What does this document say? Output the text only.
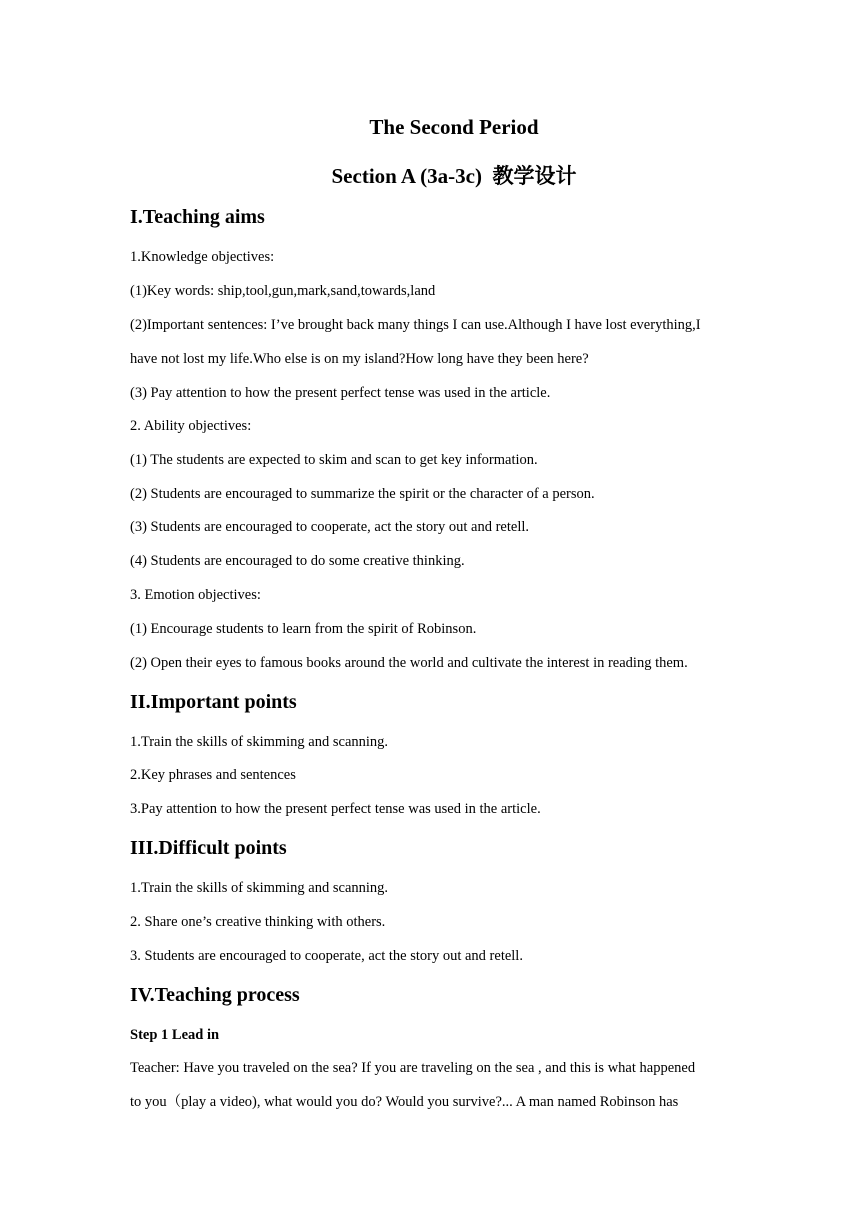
The Second Period
Section A (3a-3c) 教学设计
I.Teaching aims

1.Knowledge objectives:

(1)Key words: ship,tool,gun,mark,sand,towards,land

(2)Important sentences: I’ve brought back many things I can use.Although I have lost everything,I

have not lost my life.Who else is on my island?How long have they been here?

(3) Pay attention to how the present perfect tense was used in the article.

2. Ability objectives:

(1) The students are expected to skim and scan to get key information.

(2) Students are encouraged to summarize the spirit or the character of a person.

(3) Students are encouraged to cooperate, act the story out and retell.

(4) Students are encouraged to do some creative thinking.

3. Emotion objectives:

(1) Encourage students to learn from the spirit of Robinson.

(2) Open their eyes to famous books around the world and cultivate the interest in reading them.

II.Important points

1.Train the skills of skimming and scanning.

2.Key phrases and sentences

3.Pay attention to how the present perfect tense was used in the article.

III.Difficult points

1.Train the skills of skimming and scanning.

2. Share one’s creative thinking with others.

3. Students are encouraged to cooperate, act the story out and retell.

IV.Teaching process

Step 1 Lead in

Teacher: Have you traveled on the sea? If you are traveling on the sea , and this is what happened

to you（play a video), what would you do? Would you survive?... A man named Robinson has
